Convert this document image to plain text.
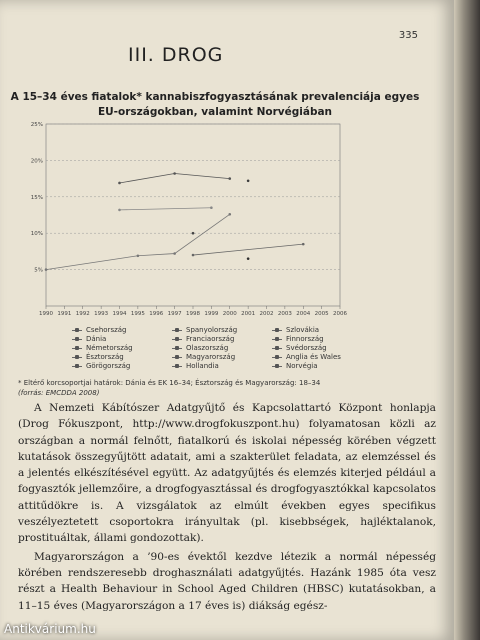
335
III. DROG
A 15–34 éves fiatalok* kannabiszfogyasztásának prevalenciája egyes EU-országokban, valamint Norvégiában
5%
10%
15%
20%
25%
1990 1991 1992 1993 1994 1995 1996 1997 1998 1999 2000 2001 2002 2003 2004 2005 2006
Csehország	Spanyolország	Szlovákia
Dánia	Franciaország	Finnország
Németország	Olaszország	Svédország
Észtország	Magyarország	Anglia és Wales
Görögország	Hollandia	Norvégia
* Eltérő korcsoportjai határok: Dánia és EK 16–34; Észtország és Magyarország: 18–34
(forrás: EMCDDA 2008)

A Nemzeti Kábítószer Adatgyűjtő és Kapcsolattartó Központ honlapja (Drog Fókuszpont, http://www.drogfokuszpont.hu) folyamatosan közli az országban a normál felnőtt, fiatalkorú és iskolai népesség körében végzett kutatások összegyűjtött adatait, ami a szakterület feladata, az elemzéssel és a jelentés elkészítésével együtt. Az adatgyűjtés és elemzés kiterjed például a fogyasztók jellemzőire, a drogfogyasztással és drogfogyasztókkal kapcsolatos attitűdökre is. A vizsgálatok az elmúlt években egyes specifikus veszélyeztetett csoportokra irányultak (pl. kisebbségek, hajléktalanok, prostituáltak, állami gondozottak).

Magyarországon a ’90-es évektől kezdve létezik a normál népesség körében rendszeresebb droghasználati adatgyűjtés. Hazánk 1985 óta vesz részt a Health Behaviour in School Aged Children (HBSC) kutatásokban, a 11–15 éves (Magyarországon a 17 éves is) diákság egész-

Antikvárium.hu
